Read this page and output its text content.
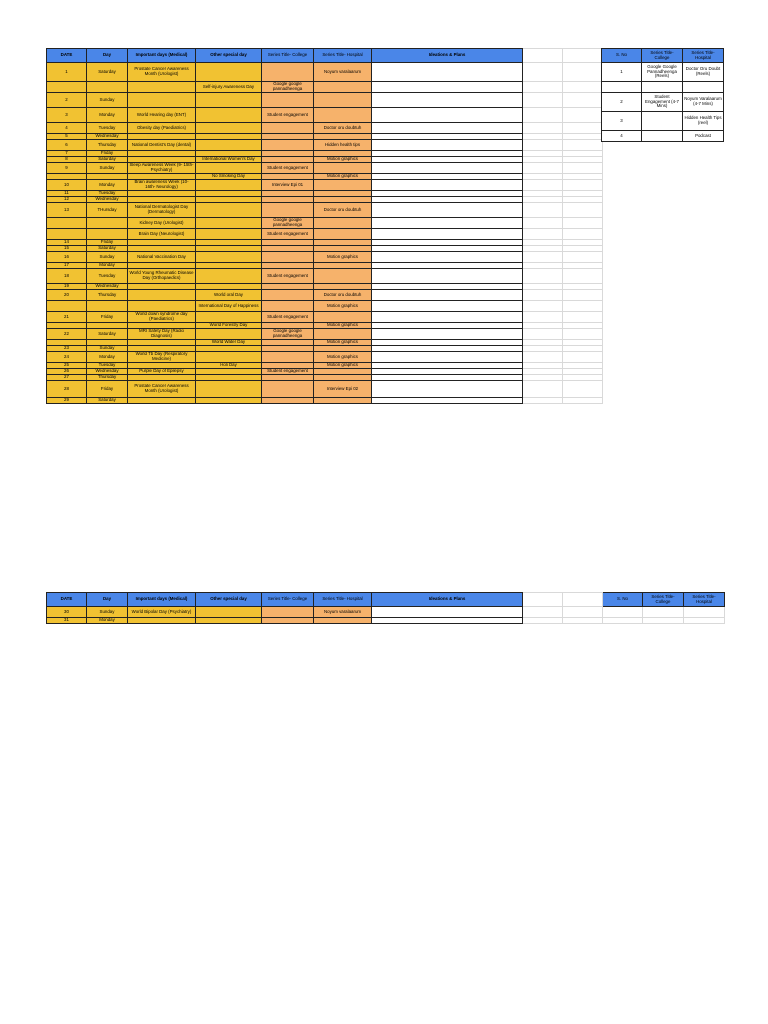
DATE	Day	Important days (Medical)	Other special day	Series Title- College	Series Title- Hospital	Ideations & Plans			
1	Saturday	Prostate Cancer Awareness Month (Urologist)			Noyum varalaarum				
			Self-injury Awareness Day	Google google pannadheenga					
2	Sunday								
3	Monday	World Hearing day (ENT)		Student engagement					
4	Tuesday	Obesity day (Paediatrics)			Doctor oru doubtuh				
5	Wednesday								
6	Thursday	National Dentist's Day (dental)			Hidden health tips				
7	Friday								
8	Saturday		International Women's Day		Motion graphics				
9	Sunday	Sleep Awareness Week (9- 15th- Psychiatry)		Student engagement					
			No Smoking Day		Motion graphics				
10	Monday	Brain awareness Week (10- 16th- Neurology)		Interview Epi 01					
11	Tuesday								
12	Wednesday								
13	THursday	National Dermatologist Day (Dermatology)			Doctor oru doubtuh				
		Kidney Day (Urologist)		Google google pannadheenga					
		Brain Day (Neurologist)		Student engagement					
14	Friday								
15	Saturday								
16	Sunday	National Vaccination Day			Motion graphics				
17	Monday								
18	Tuesday	World Young Rheumatic Disease Day (Orthopaedics)		Student engagement					
19	Wednesday								
20	Thursday		World oral Day		Doctor oru doubtuh				
			International Day of Happiness		Motion graphics				
21	Friday	World down syndrome day (Paediatrics)		Student engagement					
			World Forestry Day		Motion graphics				
22	Saturday	MRI Safety Day (Radio Diagnosis)		Google google pannadheenga					
			World Water Day		Motion graphics				
23	Sunday								
24	Monday	World Tb Day (Respiratory Medicine)			Motion graphics				
25	Tuesday		Holi Day		Motion graphics				
26	Wednesday	Purple Day of Epilepsy		Student engagement					
27	Thursday								
28	Friday	Prostate Cancer Awareness Month (Urologist)			Interview Epi 02				
29	Saturday								
S. No	Series Title- College	Series Title- Hospital
1	Google Google Pannadheenga (Reels)	Doctor Oru Doubt (Reels)

2	Student Engagement (4-7 Mins)	Noyum Varalaarum (4-7 Mins)
3		Hidden Health Tips (reel)
4		Podcast
DATE	Day	Important days (Medical)	Other special day	Series Title- College	Series Title- Hospital	Ideations & Plans			S. No	Series Title- College	Series Title- Hospital
30	Sunday	World Bipolar Day (Psychiatry)			Noyum varalaarum						
31	Monday										
